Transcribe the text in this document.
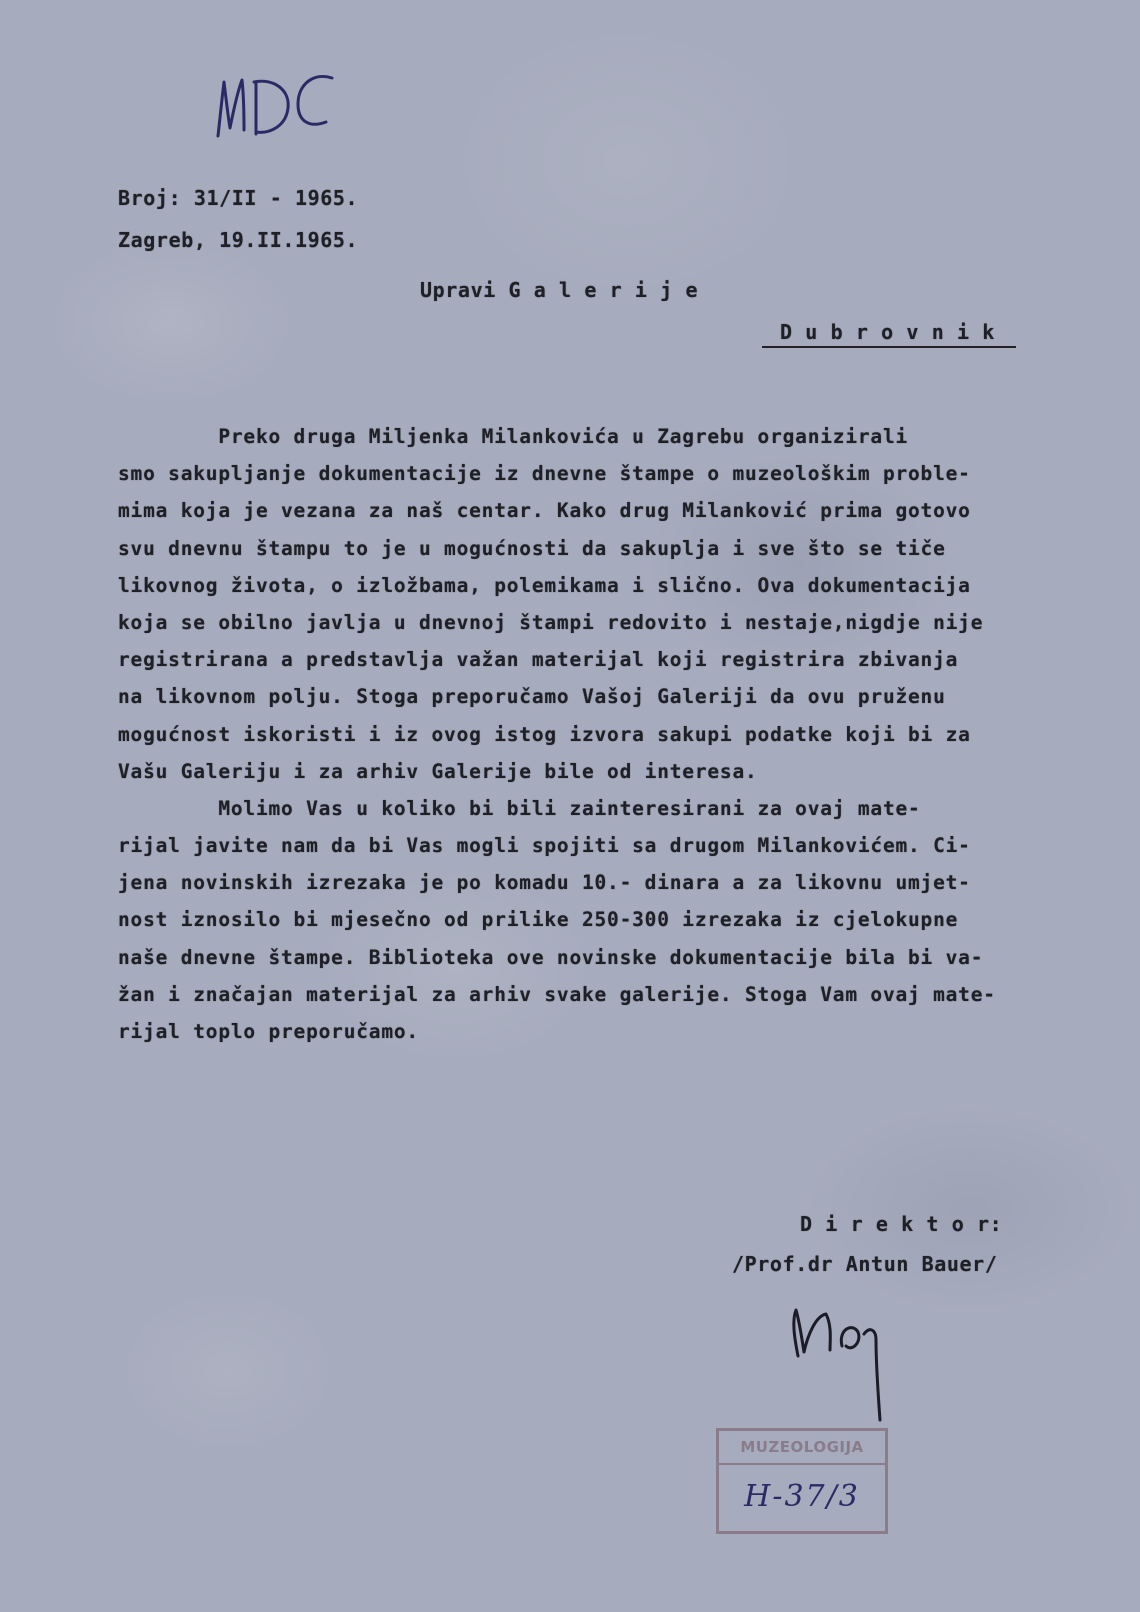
Broj: 31/II - 1965.
Zagreb, 19.II.1965.
Upravi G a l e r i j e
D u b r o v n i k
Preko druga Miljenka Milankovića u Zagrebu organizirali
smo sakupljanje dokumentacije iz dnevne štampe o muzeološkim proble-
mima koja je vezana za naš centar. Kako drug Milanković prima gotovo
svu dnevnu štampu to je u mogućnosti da sakuplja i sve što se tiče
likovnog života, o izložbama, polemikama i slično. Ova dokumentacija
koja se obilno javlja u dnevnoj štampi redovito i nestaje,nigdje nije
registrirana a predstavlja važan materijal koji registrira zbivanja
na likovnom polju. Stoga preporučamo Vašoj Galeriji da ovu pruženu
mogućnost iskoristi i iz ovog istog izvora sakupi podatke koji bi za
Vašu Galeriju i za arhiv Galerije bile od interesa.
Molimo Vas u koliko bi bili zainteresirani za ovaj mate-
rijal javite nam da bi Vas mogli spojiti sa drugom Milankovićem. Ci-
jena novinskih izrezaka je po komadu 10.- dinara a za likovnu umjet-
nost iznosilo bi mjesečno od prilike 250-300 izrezaka iz cjelokupne
naše dnevne štampe. Biblioteka ove novinske dokumentacije bila bi va-
žan i značajan materijal za arhiv svake galerije. Stoga Vam ovaj mate-
rijal toplo preporučamo.
D i r e k t o r:
/Prof.dr Antun Bauer/
MUZEOLOGIJA
H-37/3
